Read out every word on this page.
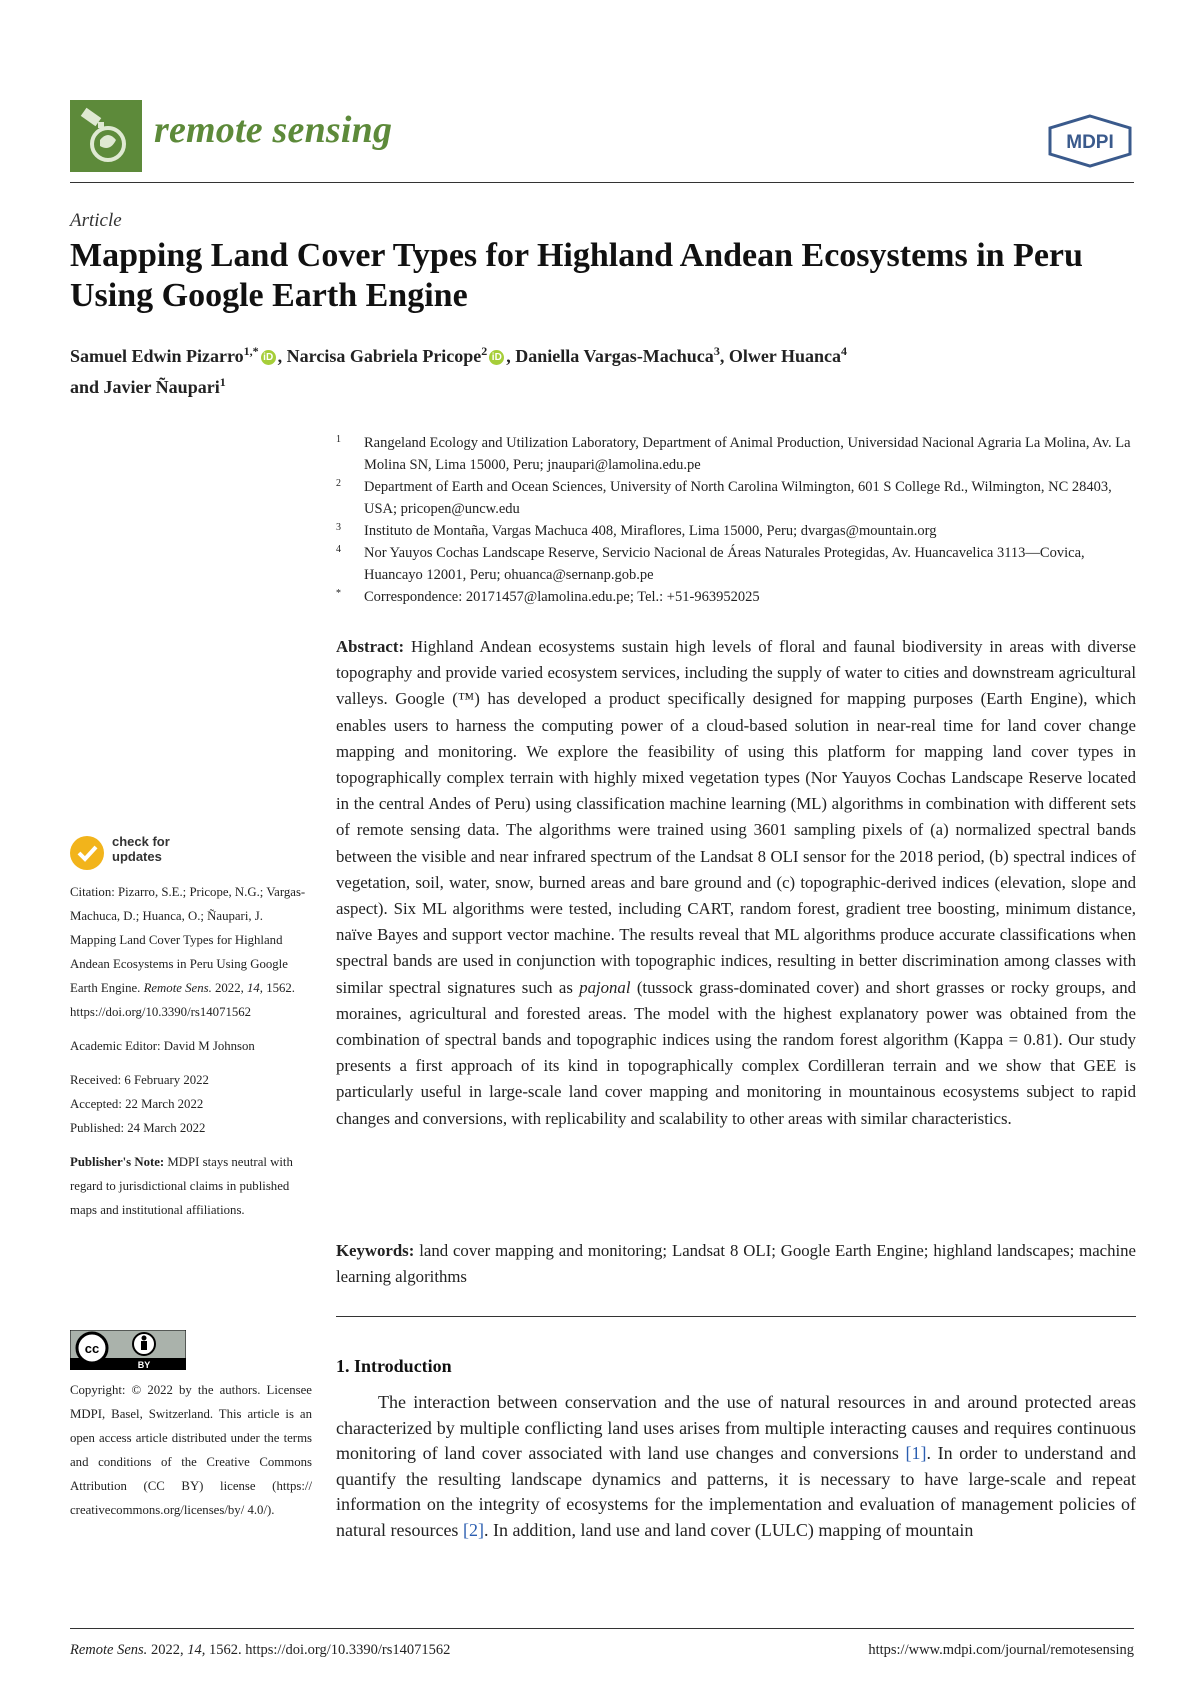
remote sensing	MDPI
Article
Mapping Land Cover Types for Highland Andean Ecosystems in Peru Using Google Earth Engine
Samuel Edwin Pizarro$^{1,*}$ iD , Narcisa Gabriela Pricope$^2$ iD , Daniella Vargas-Machuca$^3$, Olwer Huanca$^4$
and Javier Ñaupari$^1$
1 Rangeland Ecology and Utilization Laboratory, Department of Animal Production, Universidad Nacional Agraria La Molina, Av. La Molina SN, Lima 15000, Peru; jnaupari@lamolina.edu.pe
2 Department of Earth and Ocean Sciences, University of North Carolina Wilmington, 601 S College Rd., Wilmington, NC 28403, USA; pricopen@uncw.edu
3 Instituto de Montaña, Vargas Machuca 408, Miraflores, Lima 15000, Peru; dvargas@mountain.org
4 Nor Yauyos Cochas Landscape Reserve, Servicio Nacional de Áreas Naturales Protegidas, Av. Huancavelica 3113—Covica, Huancayo 12001, Peru; ohuanca@sernanp.gob.pe
* Correspondence: 20171457@lamolina.edu.pe; Tel.: +51-963952025
Abstract: Highland Andean ecosystems sustain high levels of floral and faunal biodiversity in areas with diverse topography and provide varied ecosystem services, including the supply of water to cities and downstream agricultural valleys. Google (™) has developed a product specifically designed for mapping purposes (Earth Engine), which enables users to harness the computing power of a cloud-based solution in near-real time for land cover change mapping and monitoring. We explore the feasibility of using this platform for mapping land cover types in topographically complex terrain with highly mixed vegetation types (Nor Yauyos Cochas Landscape Reserve located in the central Andes of Peru) using classification machine learning (ML) algorithms in combination with different sets of remote sensing data. The algorithms were trained using 3601 sampling pixels of (a) normalized spectral bands between the visible and near infrared spectrum of the Landsat 8 OLI sensor for the 2018 period, (b) spectral indices of vegetation, soil, water, snow, burned areas and bare ground and (c) topographic-derived indices (elevation, slope and aspect). Six ML algorithms were tested, including CART, random forest, gradient tree boosting, minimum distance, naïve Bayes and support vector machine. The results reveal that ML algorithms produce accurate classifications when spectral bands are used in conjunction with topographic indices, resulting in better discrimination among classes with similar spectral signatures such as pajonal (tussock grass-dominated cover) and short grasses or rocky groups, and moraines, agricultural and forested areas. The model with the highest explanatory power was obtained from the combination of spectral bands and topographic indices using the random forest algorithm (Kappa = 0.81). Our study presents a first approach of its kind in topographically complex Cordilleran terrain and we show that GEE is particularly useful in large-scale land cover mapping and monitoring in mountainous ecosystems subject to rapid changes and conversions, with replicability and scalability to other areas with similar characteristics.
Keywords: land cover mapping and monitoring; Landsat 8 OLI; Google Earth Engine; highland landscapes; machine learning algorithms
check for
updates
Citation: Pizarro, S.E.; Pricope, N.G.; Vargas-Machuca, D.; Huanca, O.; Ñaupari, J. Mapping Land Cover Types for Highland Andean Ecosystems in Peru Using Google Earth Engine. Remote Sens. 2022, 14, 1562. https://doi.org/10.3390/rs14071562
Academic Editor: David M Johnson
Received: 6 February 2022
Accepted: 22 March 2022
Published: 24 March 2022
Publisher's Note: MDPI stays neutral with regard to jurisdictional claims in published maps and institutional affiliations.
cc
BY
Copyright: © 2022 by the authors. Licensee MDPI, Basel, Switzerland. This article is an open access article distributed under the terms and conditions of the Creative Commons Attribution (CC BY) license (https:// creativecommons.org/licenses/by/ 4.0/).
1. Introduction
The interaction between conservation and the use of natural resources in and around protected areas characterized by multiple conflicting land uses arises from multiple interacting causes and requires continuous monitoring of land cover associated with land use changes and conversions [1]. In order to understand and quantify the resulting landscape dynamics and patterns, it is necessary to have large-scale and repeat information on the integrity of ecosystems for the implementation and evaluation of management policies of natural resources [2]. In addition, land use and land cover (LULC) mapping of mountain
Remote Sens. 2022, 14, 1562. https://doi.org/10.3390/rs14071562	https://www.mdpi.com/journal/remotesensing
